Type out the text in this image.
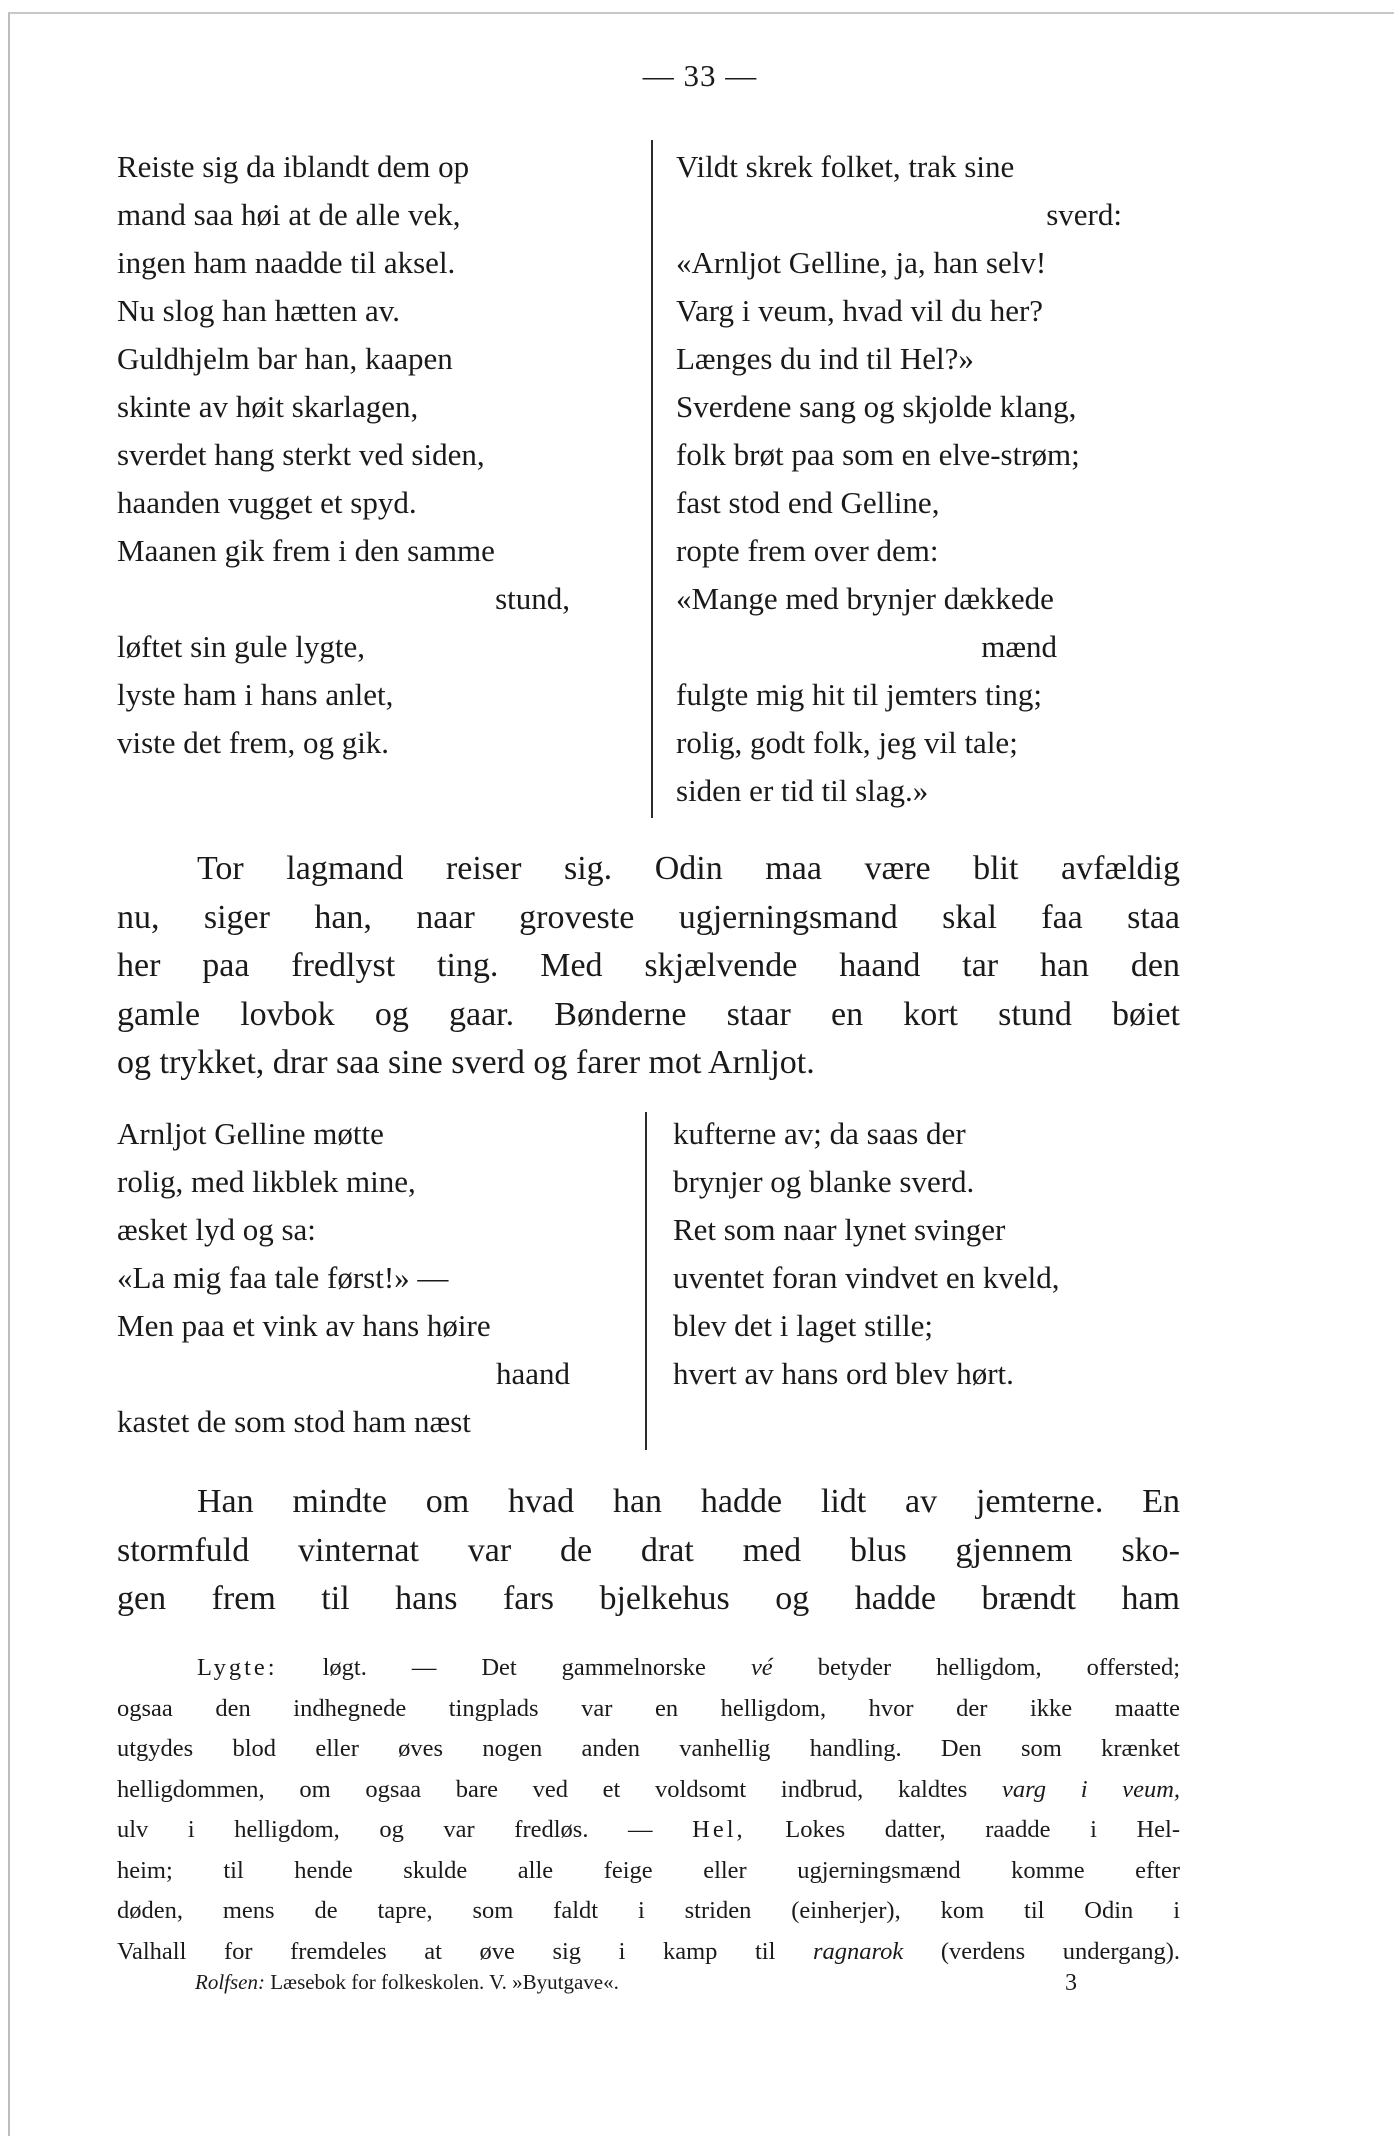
— 33 —
Reiste sig da iblandt dem op
mand saa høi at de alle vek,
ingen ham naadde til aksel.
Nu slog han hætten av.
Guldhjelm bar han, kaapen
skinte av høit skarlagen,
sverdet hang sterkt ved siden,
haanden vugget et spyd.
Maanen gik frem i den samme
stund,
løftet sin gule lygte,
lyste ham i hans anlet,
viste det frem, og gik.
Vildt skrek folket, trak sine
sverd:
«Arnljot Gelline, ja, han selv!
Varg i veum, hvad vil du her?
Længes du ind til Hel?»
Sverdene sang og skjolde klang,
folk brøt paa som en elve-strøm;
fast stod end Gelline,
ropte frem over dem:
«Mange med brynjer dækkede
mænd
fulgte mig hit til jemters ting;
rolig, godt folk, jeg vil tale;
siden er tid til slag.»
Tor lagmand reiser sig. Odin maa være blit avfældig
nu, siger han, naar groveste ugjerningsmand skal faa staa
her paa fredlyst ting. Med skjælvende haand tar han den
gamle lovbok og gaar. Bønderne staar en kort stund bøiet
og trykket, drar saa sine sverd og farer mot Arnljot.
Arnljot Gelline møtte
rolig, med likblek mine,
æsket lyd og sa:
«La mig faa tale først!» —
Men paa et vink av hans høire
haand
kastet de som stod ham næst
kufterne av; da saas der
brynjer og blanke sverd.
Ret som naar lynet svinger
uventet foran vindvet en kveld,
blev det i laget stille;
hvert av hans ord blev hørt.
Han mindte om hvad han hadde lidt av jemterne. En
stormfuld vinternat var de drat med blus gjennem sko-
gen frem til hans fars bjelkehus og hadde brændt ham
Lygte: løgt. — Det gammelnorske vé betyder helligdom, offersted;
ogsaa den indhegnede tingplads var en helligdom, hvor der ikke maatte
utgydes blod eller øves nogen anden vanhellig handling. Den som krænket
helligdommen, om ogsaa bare ved et voldsomt indbrud, kaldtes varg i veum,
ulv i helligdom, og var fredløs. — Hel, Lokes datter, raadde i Hel-
heim; til hende skulde alle feige eller ugjerningsmænd komme efter
døden, mens de tapre, som faldt i striden (einherjer), kom til Odin i
Valhall for fremdeles at øve sig i kamp til ragnarok (verdens undergang).
Rolfsen: Læsebok for folkeskolen. V. »Byutgave«.	3
